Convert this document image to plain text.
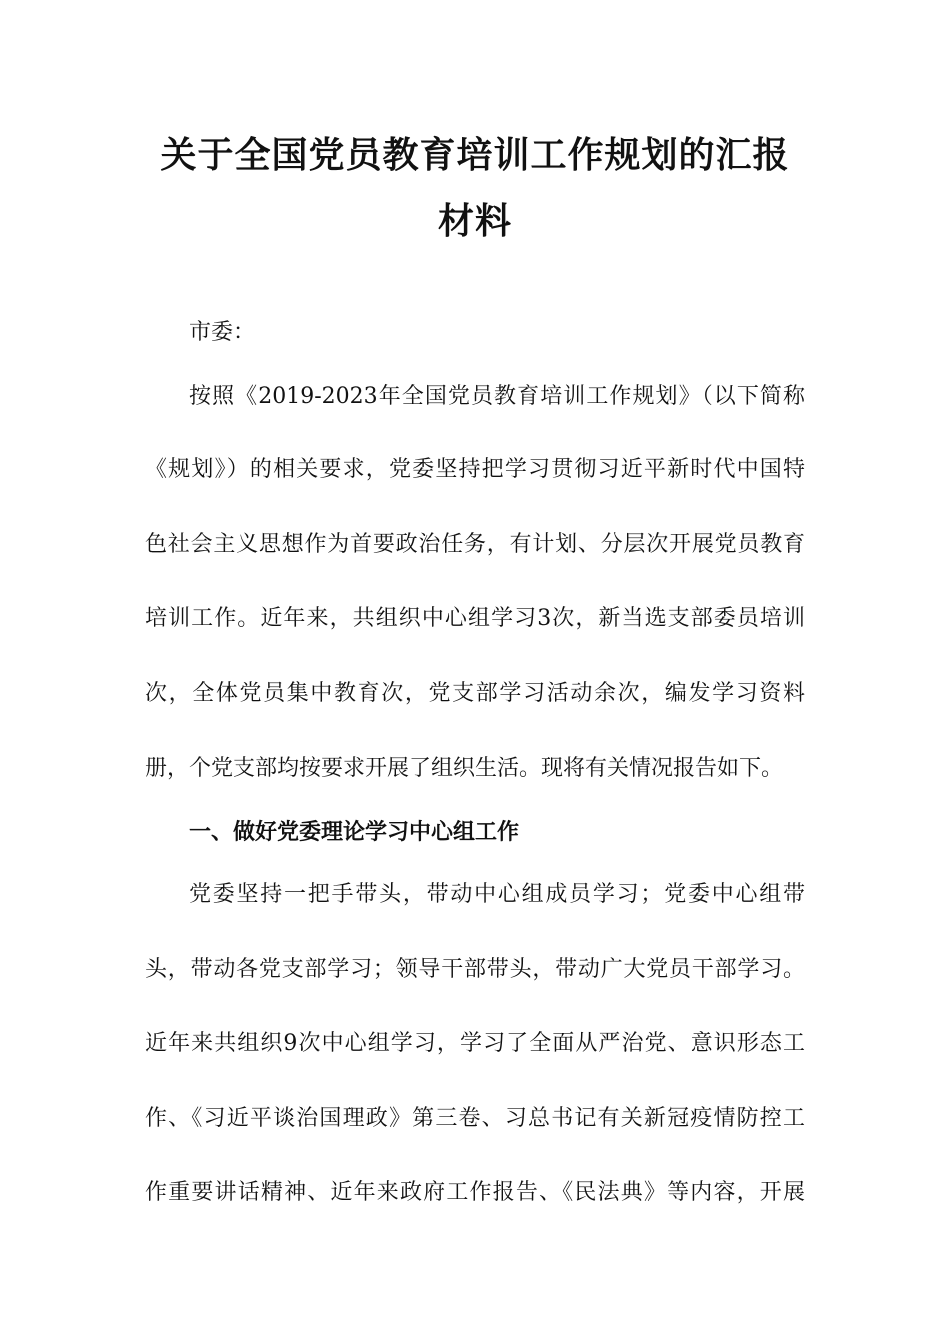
关于全国党员教育培训工作规划的汇报材料
市委：
按照《2019-2023年全国党员教育培训工作规划》（以下简称
《规划》）的相关要求，党委坚持把学习贯彻习近平新时代中国特
色社会主义思想作为首要政治任务，有计划、分层次开展党员教育
培训工作。近年来，共组织中心组学习3次，新当选支部委员培训
次，全体党员集中教育次，党支部学习活动余次，编发学习资料
册，个党支部均按要求开展了组织生活。现将有关情况报告如下。
一、做好党委理论学习中心组工作
党委坚持一把手带头，带动中心组成员学习；党委中心组带
头，带动各党支部学习；领导干部带头，带动广大党员干部学习。
近年来共组织9次中心组学习，学习了全面从严治党、意识形态工
作、《习近平谈治国理政》第三卷、习总书记有关新冠疫情防控工
作重要讲话精神、近年来政府工作报告、《民法典》等内容，开展
